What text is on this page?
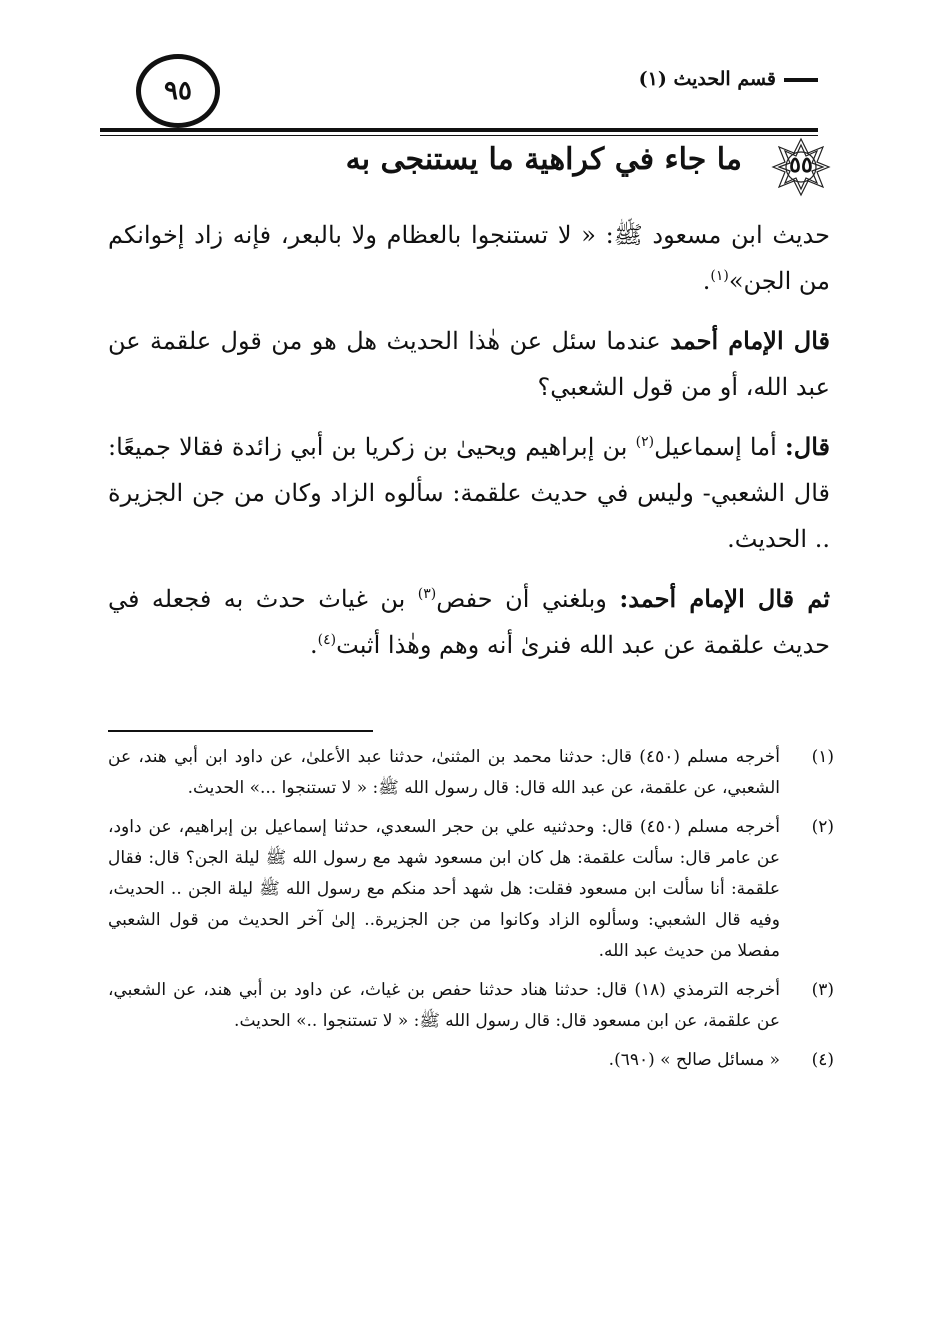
قسم الحديث (١)
٩٥
٥٥
ما جاء في كراهية ما يستنجى به

حديث ابن مسعود ﷺ: « لا تستنجوا بالعظام ولا بالبعر، فإنه زاد إخوانكم من الجن»$^{(١)}$.

قال الإمام أحمد عندما سئل عن هٰذا الحديث هل هو من قول علقمة عن عبد الله، أو من قول الشعبي؟

قال: أما إسماعيل$^{(٢)}$ بن إبراهيم ويحيىٰ بن زكريا بن أبي زائدة فقالا جميعًا: قال الشعبي- وليس في حديث علقمة: سألوه الزاد وكان من جن الجزيرة .. الحديث.

ثم قال الإمام أحمد: وبلغني أن حفص$^{(٣)}$ بن غياث حدث به فجعله في حديث علقمة عن عبد الله فنرىٰ أنه وهم وهٰذا أثبت$^{(٤)}$.

(١)
أخرجه مسلم (٤٥٠) قال: حدثنا محمد بن المثنىٰ، حدثنا عبد الأعلىٰ، عن داود ابن أبي هند، عن الشعبي، عن علقمة، عن عبد الله قال: قال رسول الله ﷺ: « لا تستنجوا ...» الحديث.
(٢)
أخرجه مسلم (٤٥٠) قال: وحدثنيه علي بن حجر السعدي، حدثنا إسماعيل بن إبراهيم، عن داود، عن عامر قال: سألت علقمة: هل كان ابن مسعود شهد مع رسول الله ﷺ ليلة الجن؟ قال: فقال علقمة: أنا سألت ابن مسعود فقلت: هل شهد أحد منكم مع رسول الله ﷺ ليلة الجن .. الحديث، وفيه قال الشعبي: وسألوه الزاد وكانوا من جن الجزيرة.. إلىٰ آخر الحديث من قول الشعبي مفصلا من حديث عبد الله.
(٣)
أخرجه الترمذي (١٨) قال: حدثنا هناد حدثنا حفص بن غياث، عن داود بن أبي هند، عن الشعبي، عن علقمة، عن ابن مسعود قال: قال رسول الله ﷺ: « لا تستنجوا ..» الحديث.
(٤)
« مسائل صالح » (٦٩٠).
